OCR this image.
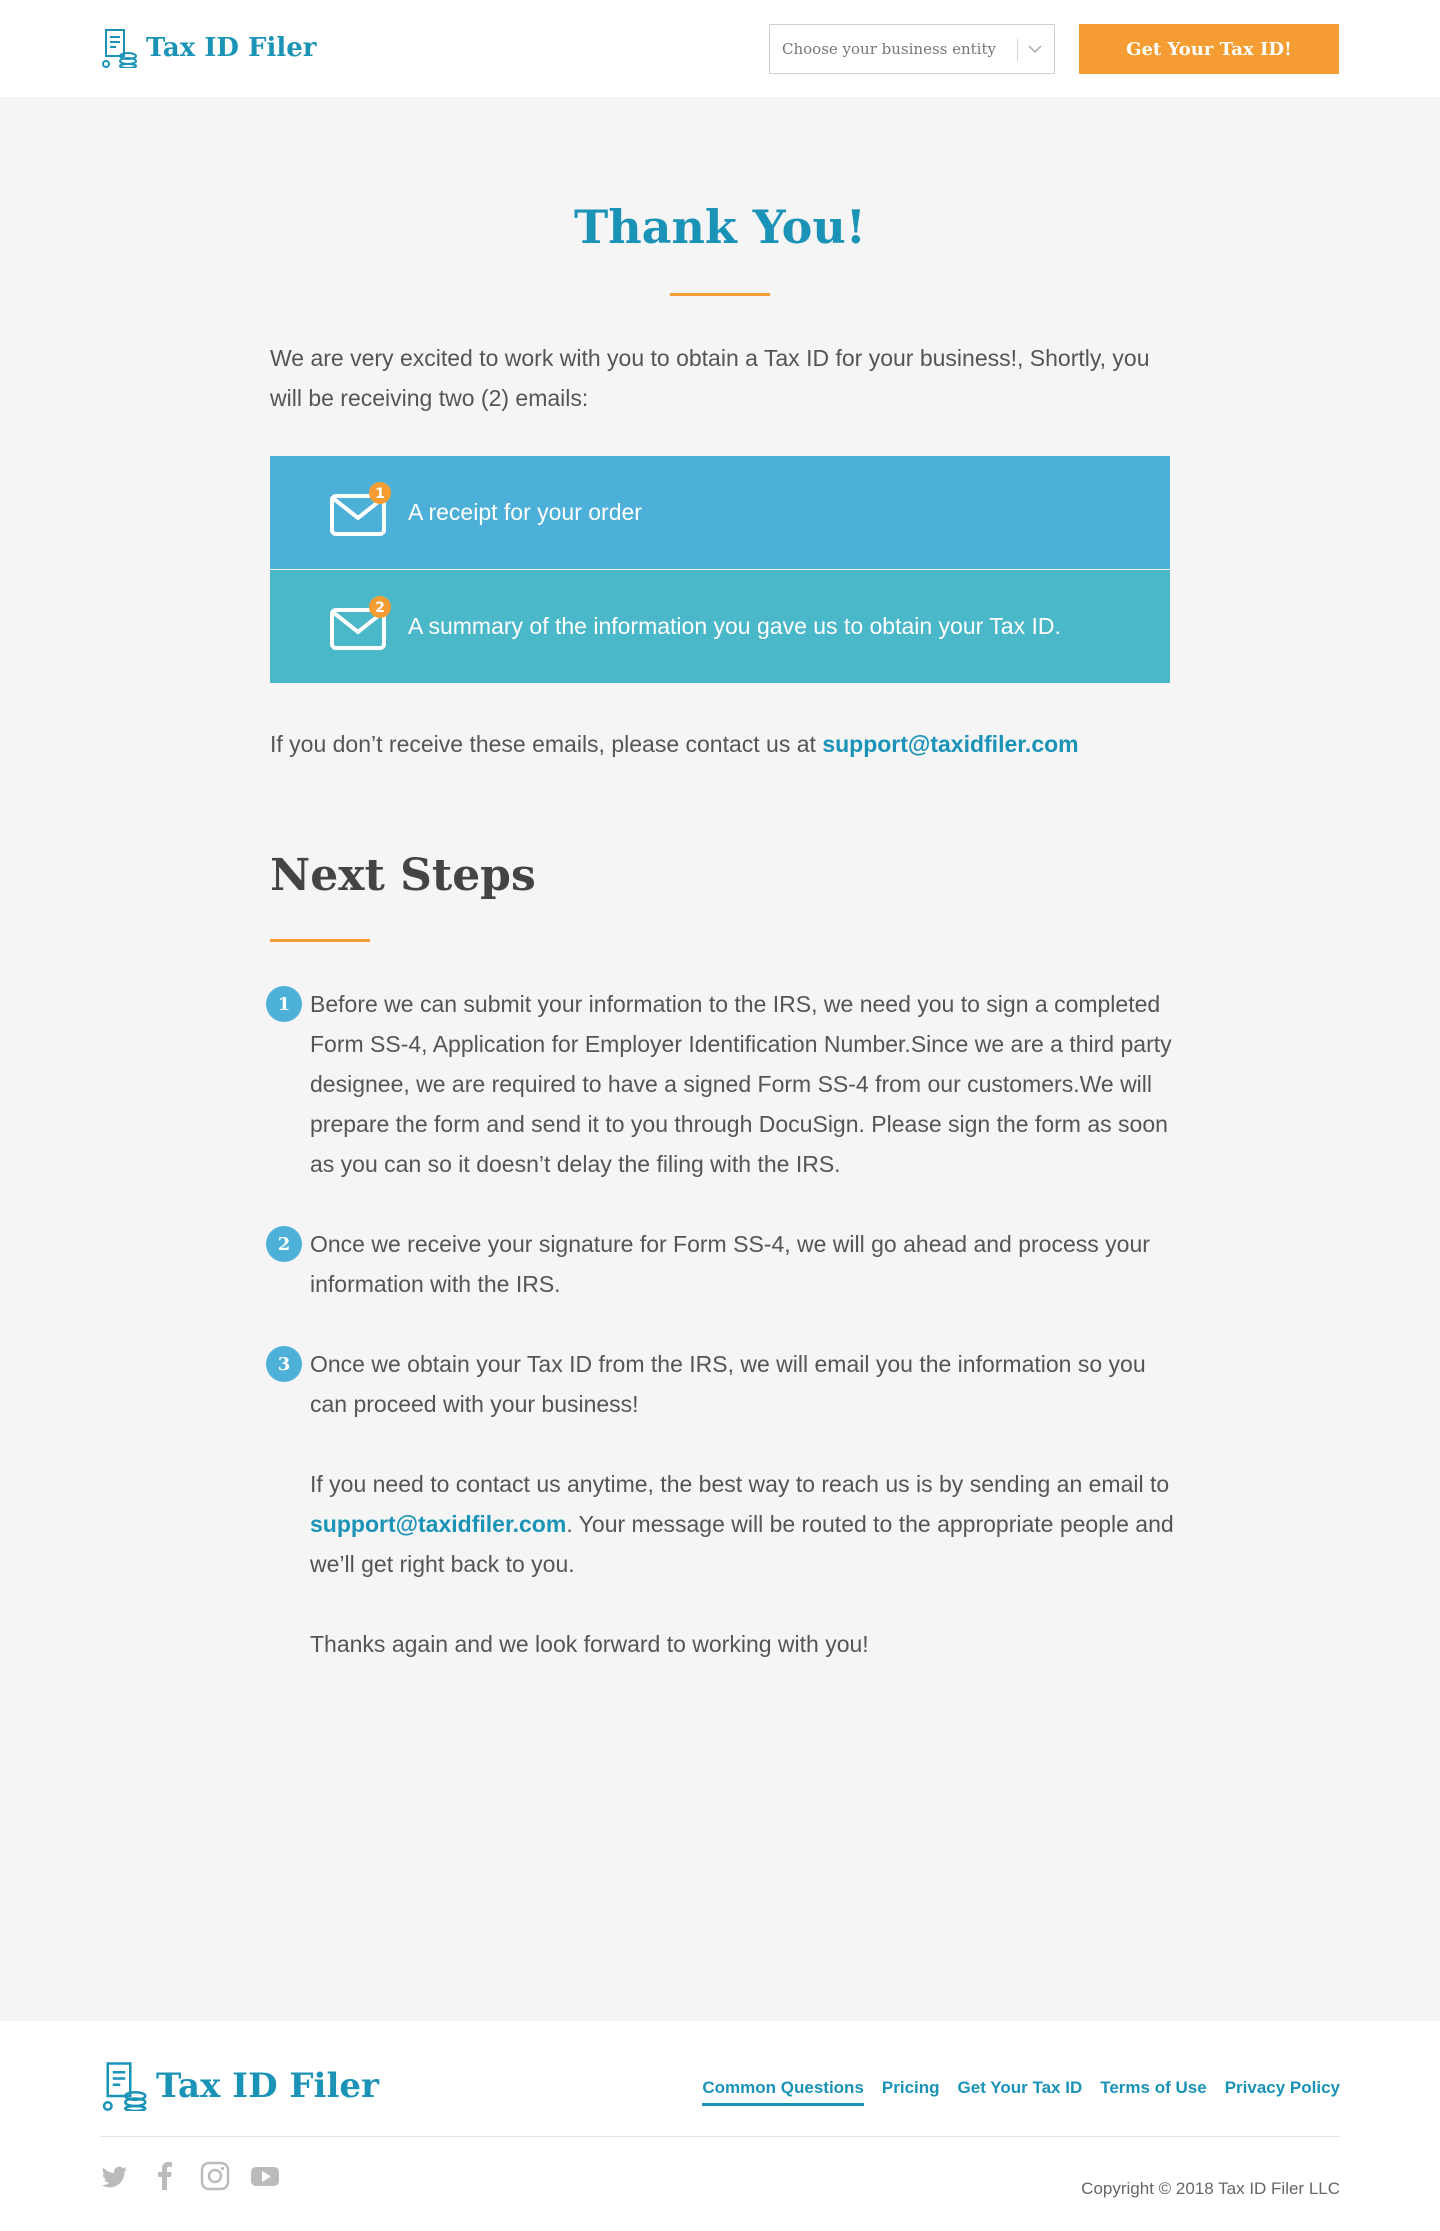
Tax ID Filer	Choose your business entity	Get Your Tax ID!
Thank You!

We are very excited to work with you to obtain a Tax ID for your business!, Shortly, you will be receiving two (2) emails:

1
A receipt for your order
2
A summary of the information you gave us to obtain your Tax ID.

If you don’t receive these emails, please contact us at support@taxidfiler.com

Next Steps
1 Before we can submit your information to the IRS, we need you to sign a completed Form SS-4, Application for Employer Identification Number.Since we are a third party designee, we are required to have a signed Form SS-4 from our customers.We will prepare the form and send it to you through DocuSign. Please sign the form as soon as you can so it doesn’t delay the filing with the IRS.

2 Once we receive your signature for Form SS-4, we will go ahead and process your information with the IRS.

3 Once we obtain your Tax ID from the IRS, we will email you the information so you can proceed with your business!

If you need to contact us anytime, the best way to reach us is by sending an email to support@taxidfiler.com. Your message will be routed to the appropriate people and we’ll get right back to you.

Thanks again and we look forward to working with you!

Tax ID Filer	Common Questions Pricing Get Your Tax ID Terms of Use Privacy Policy
Copyright © 2018 Tax ID Filer LLC
